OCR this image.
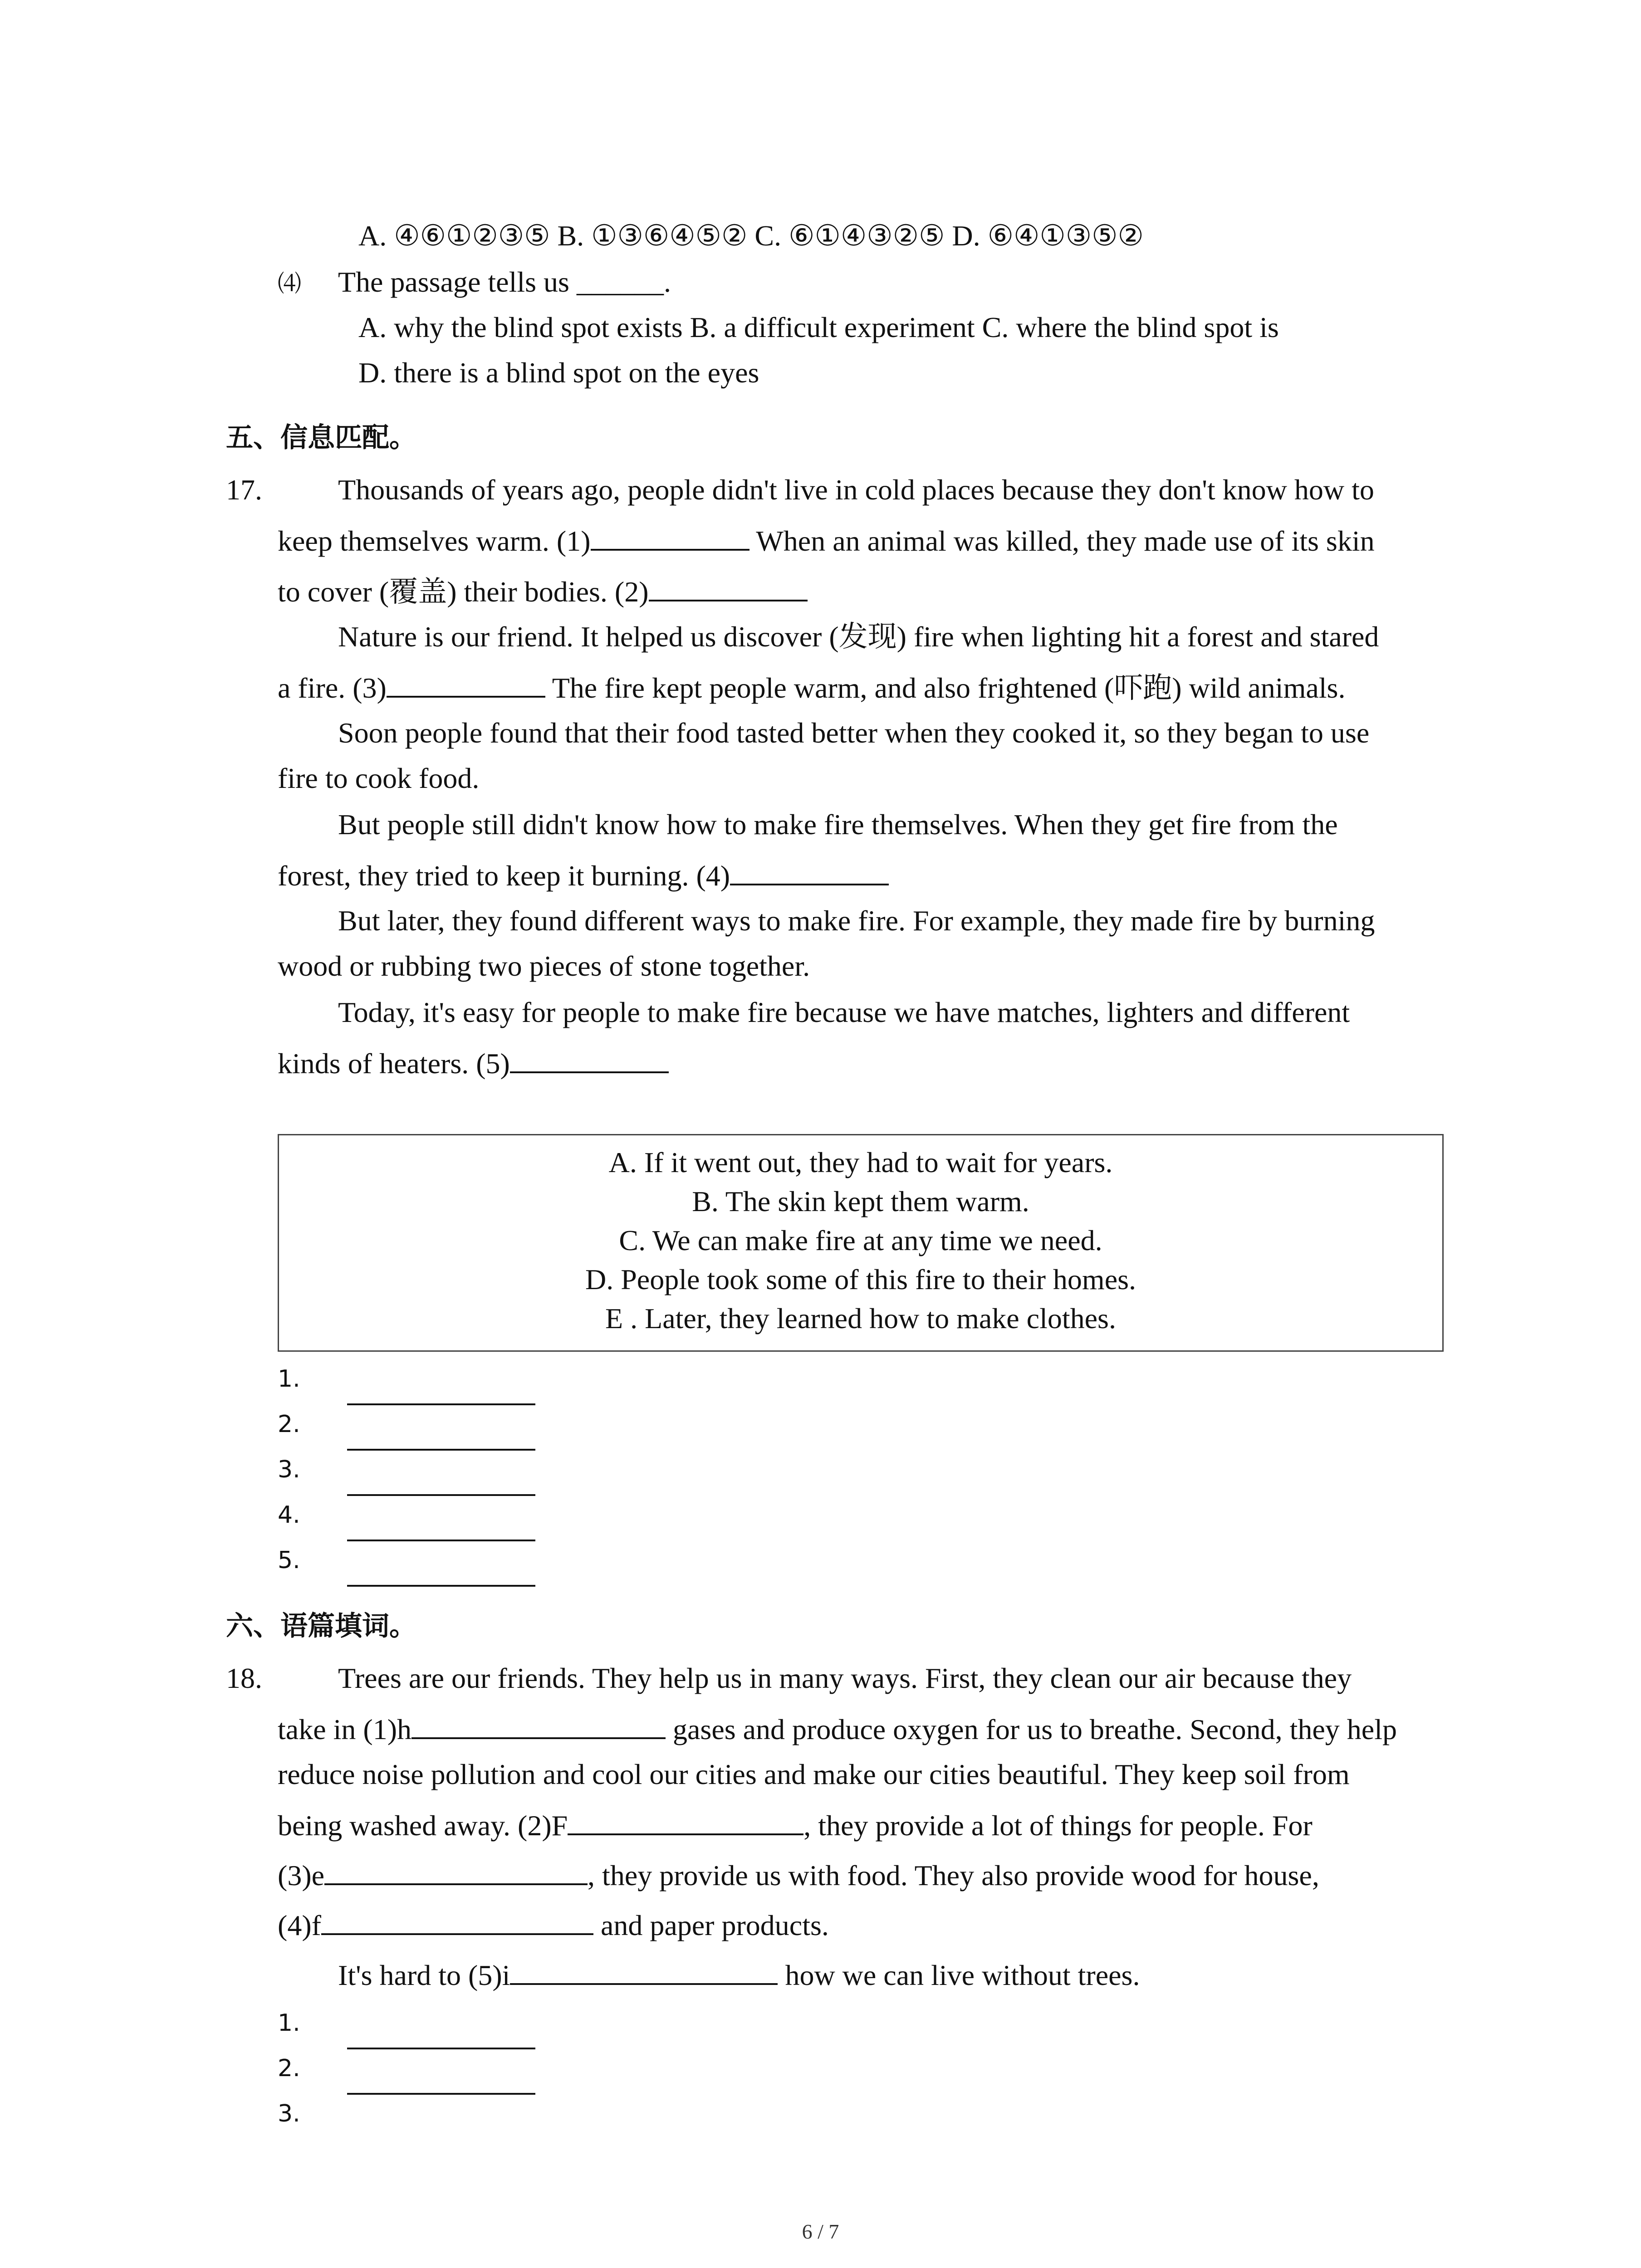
A. ④⑥①②③⑤ B. ①③⑥④⑤② C. ⑥①④③②⑤ D. ⑥④①③⑤②
⑷ The passage tells us ______.
A. why the blind spot exists B. a difficult experiment C. where the blind spot is
D. there is a blind spot on the eyes
五、信息匹配。
17.	Thousands of years ago, people didn't live in cold places because they don't know how to
keep themselves warm. (1)	When an animal was killed, they made use of its skin
to cover (覆盖) their bodies. (2)
Nature is our friend. It helped us discover (发现) fire when lighting hit a forest and stared
a fire. (3)	The fire kept people warm, and also frightened (吓跑) wild animals.
Soon people found that their food tasted better when they cooked it, so they began to use
fire to cook food.
But people still didn't know how to make fire themselves. When they get fire from the
forest, they tried to keep it burning. (4)
But later, they found different ways to make fire. For example, they made fire by burning
wood or rubbing two pieces of stone together.
Today, it's easy for people to make fire because we have matches, lighters and different
kinds of heaters. (5)
A. If it went out, they had to wait for years.
B. The skin kept them warm.
C. We can make fire at any time we need.
D. People took some of this fire to their homes.
E . Later, they learned how to make clothes.
1.
2.
3.
4.
5.
六、语篇填词。
18.	Trees are our friends. They help us in many ways. First, they clean our air because they
take in (1)h	gases and produce oxygen for us to breathe. Second, they help
reduce noise pollution and cool our cities and make our cities beautiful. They keep soil from
being washed away. (2)F	, they provide a lot of things for people. For
(3)e	, they provide us with food. They also provide wood for house,
(4)f	and paper products.
It's hard to (5)i	how we can live without trees.
1.
2.
3.
6 / 7
